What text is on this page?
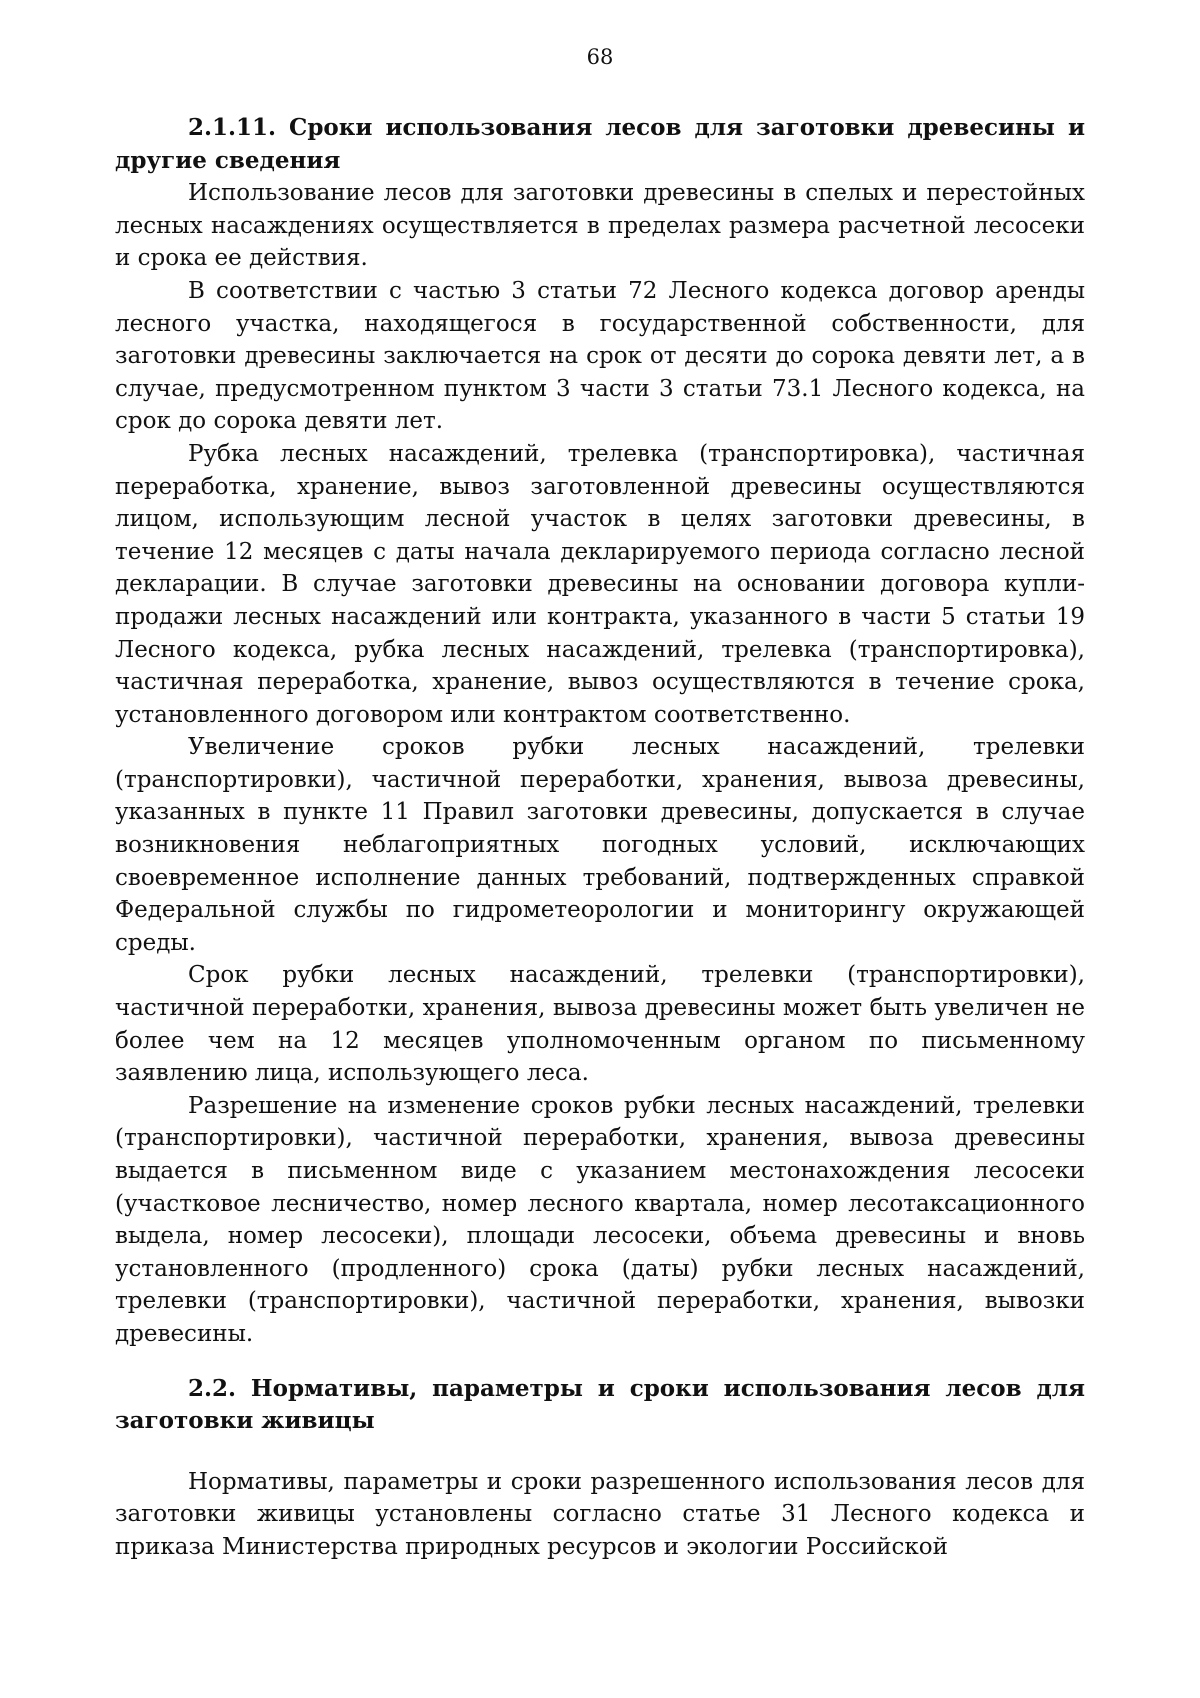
68
2.1.11. Сроки использования лесов для заготовки древесины и другие сведения

Использование лесов для заготовки древесины в спелых и перестойных лесных насаждениях осуществляется в пределах размера расчетной лесосеки и срока ее действия.

В соответствии с частью 3 статьи 72 Лесного кодекса договор аренды лесного участка, находящегося в государственной собственности, для заготовки древесины заключается на срок от десяти до сорока девяти лет, а в случае, предусмотренном пунктом 3 части 3 статьи 73.1 Лесного кодекса, на срок до сорока девяти лет.

Рубка лесных насаждений, трелевка (транспортировка), частичная переработка, хранение, вывоз заготовленной древесины осуществляются лицом, использующим лесной участок в целях заготовки древесины, в течение 12 месяцев с даты начала декларируемого периода согласно лесной декларации. В случае заготовки древесины на основании договора купли-продажи лесных насаждений или контракта, указанного в части 5 статьи 19 Лесного кодекса, рубка лесных насаждений, трелевка (транспортировка), частичная переработка, хранение, вывоз осуществляются в течение срока, установленного договором или контрактом соответственно.

Увеличение сроков рубки лесных насаждений, трелевки (транспортировки), частичной переработки, хранения, вывоза древесины, указанных в пункте 11 Правил заготовки древесины, допускается в случае возникновения неблагоприятных погодных условий, исключающих своевременное исполнение данных требований, подтвержденных справкой Федеральной службы по гидрометеорологии и мониторингу окружающей среды.

Срок рубки лесных насаждений, трелевки (транспортировки), частичной переработки, хранения, вывоза древесины может быть увеличен не более чем на 12 месяцев уполномоченным органом по письменному заявлению лица, использующего леса.

Разрешение на изменение сроков рубки лесных насаждений, трелевки (транспортировки), частичной переработки, хранения, вывоза древесины выдается в письменном виде с указанием местонахождения лесосеки (участковое лесничество, номер лесного квартала, номер лесотаксационного выдела, номер лесосеки), площади лесосеки, объема древесины и вновь установленного (продленного) срока (даты) рубки лесных насаждений, трелевки (транспортировки), частичной переработки, хранения, вывозки древесины.

2.2. Нормативы, параметры и сроки использования лесов для заготовки живицы

Нормативы, параметры и сроки разрешенного использования лесов для заготовки живицы установлены согласно статье 31 Лесного кодекса и приказа Министерства природных ресурсов и экологии Российской
